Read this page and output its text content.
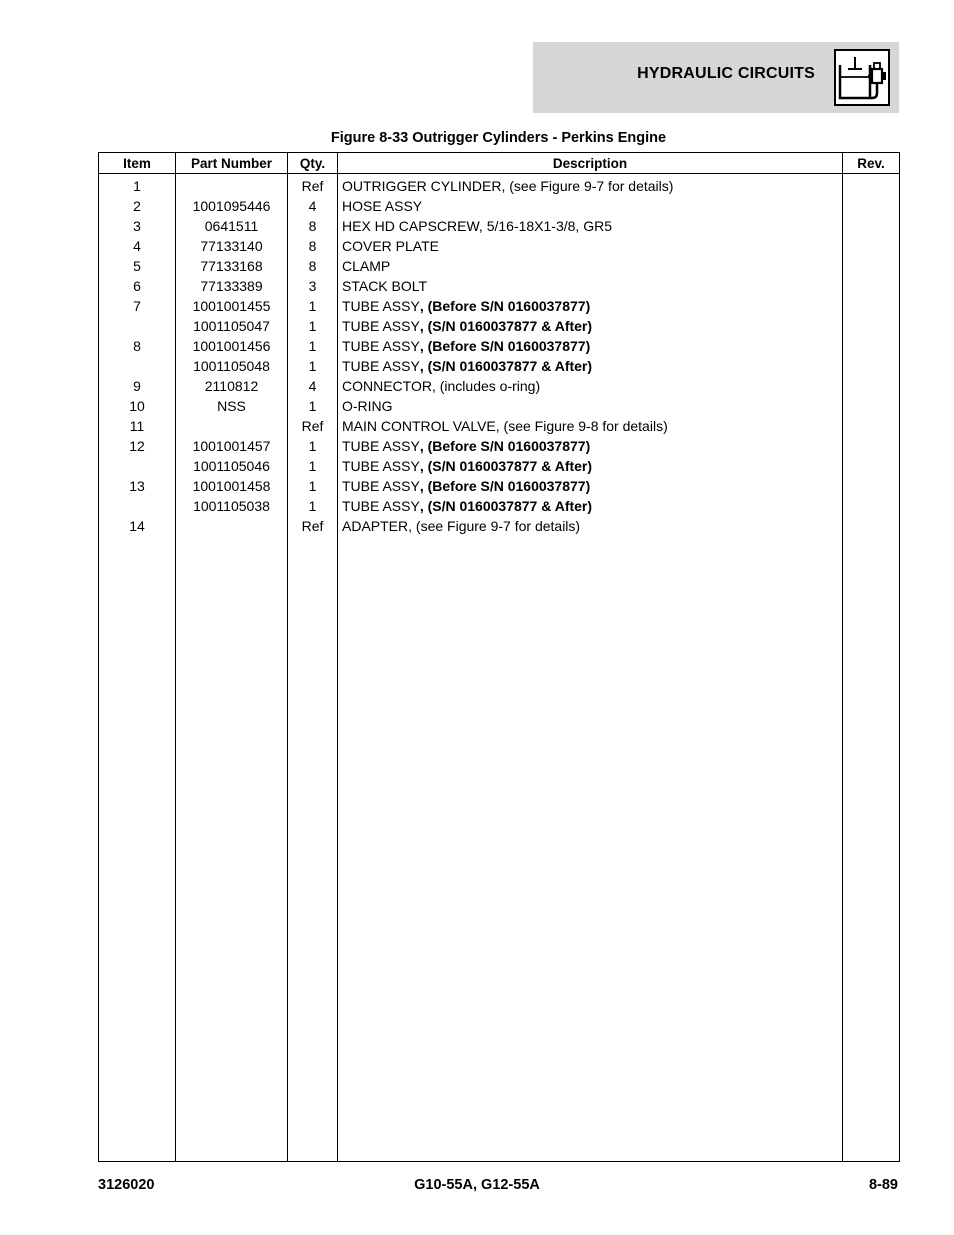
HYDRAULIC CIRCUITS
Figure 8-33 Outrigger Cylinders - Perkins Engine
Item	Part Number	Qty.	Description	Rev.
1		Ref	OUTRIGGER CYLINDER, (see Figure 9-7 for details)	
2	1001095446	4	HOSE ASSY	
3	0641511	8	HEX HD CAPSCREW, 5/16-18X1-3/8, GR5	
4	77133140	8	COVER PLATE	
5	77133168	8	CLAMP	
6	77133389	3	STACK BOLT	
7	1001001455	1	TUBE ASSY, (Before S/N 0160037877)	
	1001105047	1	TUBE ASSY, (S/N 0160037877 & After)	
8	1001001456	1	TUBE ASSY, (Before S/N 0160037877)	
	1001105048	1	TUBE ASSY, (S/N 0160037877 & After)	
9	2110812	4	CONNECTOR, (includes o-ring)	
10	NSS	1	O-RING	
11		Ref	MAIN CONTROL VALVE, (see Figure 9-8 for details)	
12	1001001457	1	TUBE ASSY, (Before S/N 0160037877)	
	1001105046	1	TUBE ASSY, (S/N 0160037877 & After)	
13	1001001458	1	TUBE ASSY, (Before S/N 0160037877)	
	1001105038	1	TUBE ASSY, (S/N 0160037877 & After)	
14		Ref	ADAPTER, (see Figure 9-7 for details)	

3126020	G10-55A, G12-55A	8-89
